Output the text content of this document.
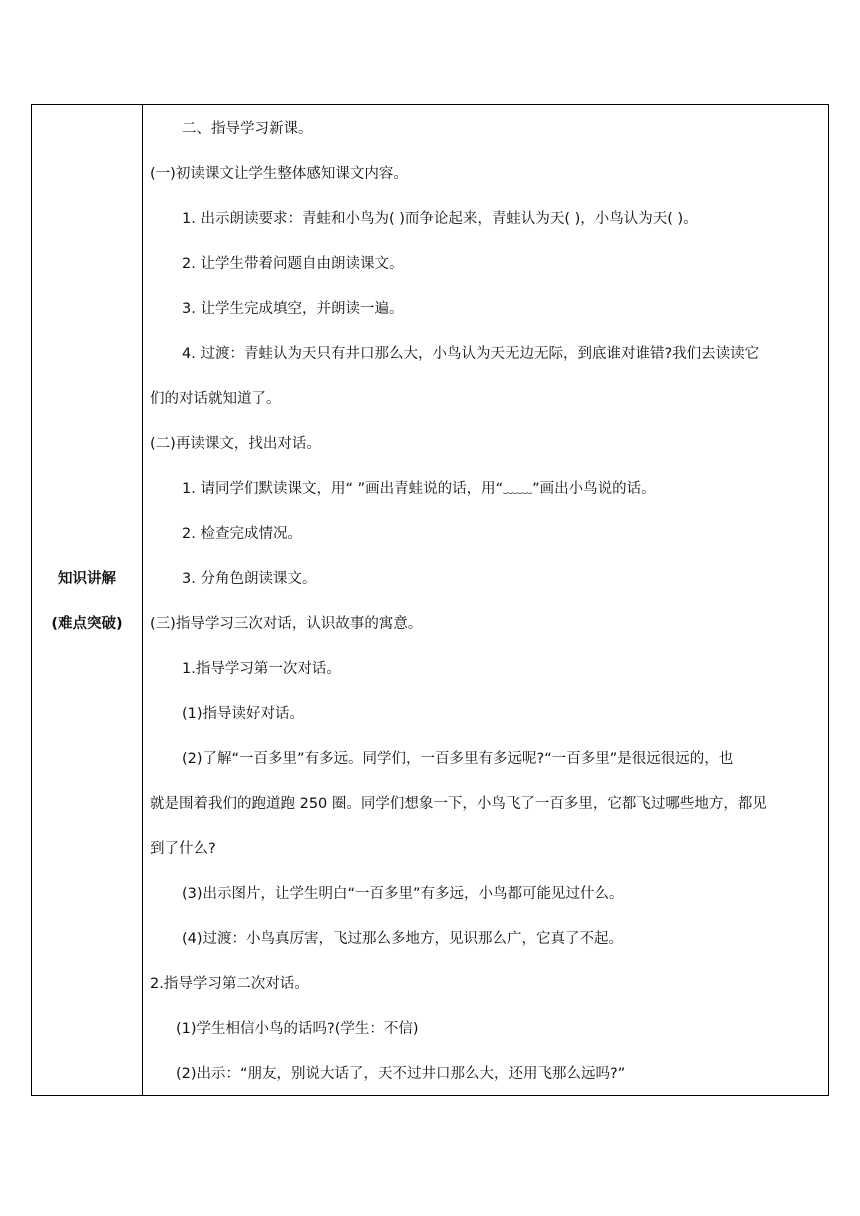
知识讲解
(难点突破)
二、指导学习新课。
(一)初读课文让学生整体感知课文内容。
1. 出示朗读要求：青蛙和小鸟为( )而争论起来，青蛙认为天( )，小鸟认为天( )。
2. 让学生带着问题自由朗读课文。
3. 让学生完成填空，并朗读一遍。
4. 过渡：青蛙认为天只有井口那么大，小鸟认为天无边无际，到底谁对谁错?我们去读读它
们的对话就知道了。
(二)再读课文，找出对话。
1. 请同学们默读课文，用“ ”画出青蛙说的话，用“﹏﹏”画出小鸟说的话。
2. 检查完成情况。
3. 分角色朗读课文。
(三)指导学习三次对话，认识故事的寓意。
1.指导学习第一次对话。
(1)指导读好对话。
(2)了解“一百多里”有多远。同学们，一百多里有多远呢?“一百多里”是很远很远的，也
就是围着我们的跑道跑 250 圈。同学们想象一下，小鸟飞了一百多里，它都飞过哪些地方，都见
到了什么?
(3)出示图片，让学生明白“一百多里”有多远，小鸟都可能见过什么。
(4)过渡：小鸟真厉害，飞过那么多地方，见识那么广，它真了不起。
2.指导学习第二次对话。
(1)学生相信小鸟的话吗?(学生：不信)
(2)出示：“朋友，别说大话了，天不过井口那么大，还用飞那么远吗?”
